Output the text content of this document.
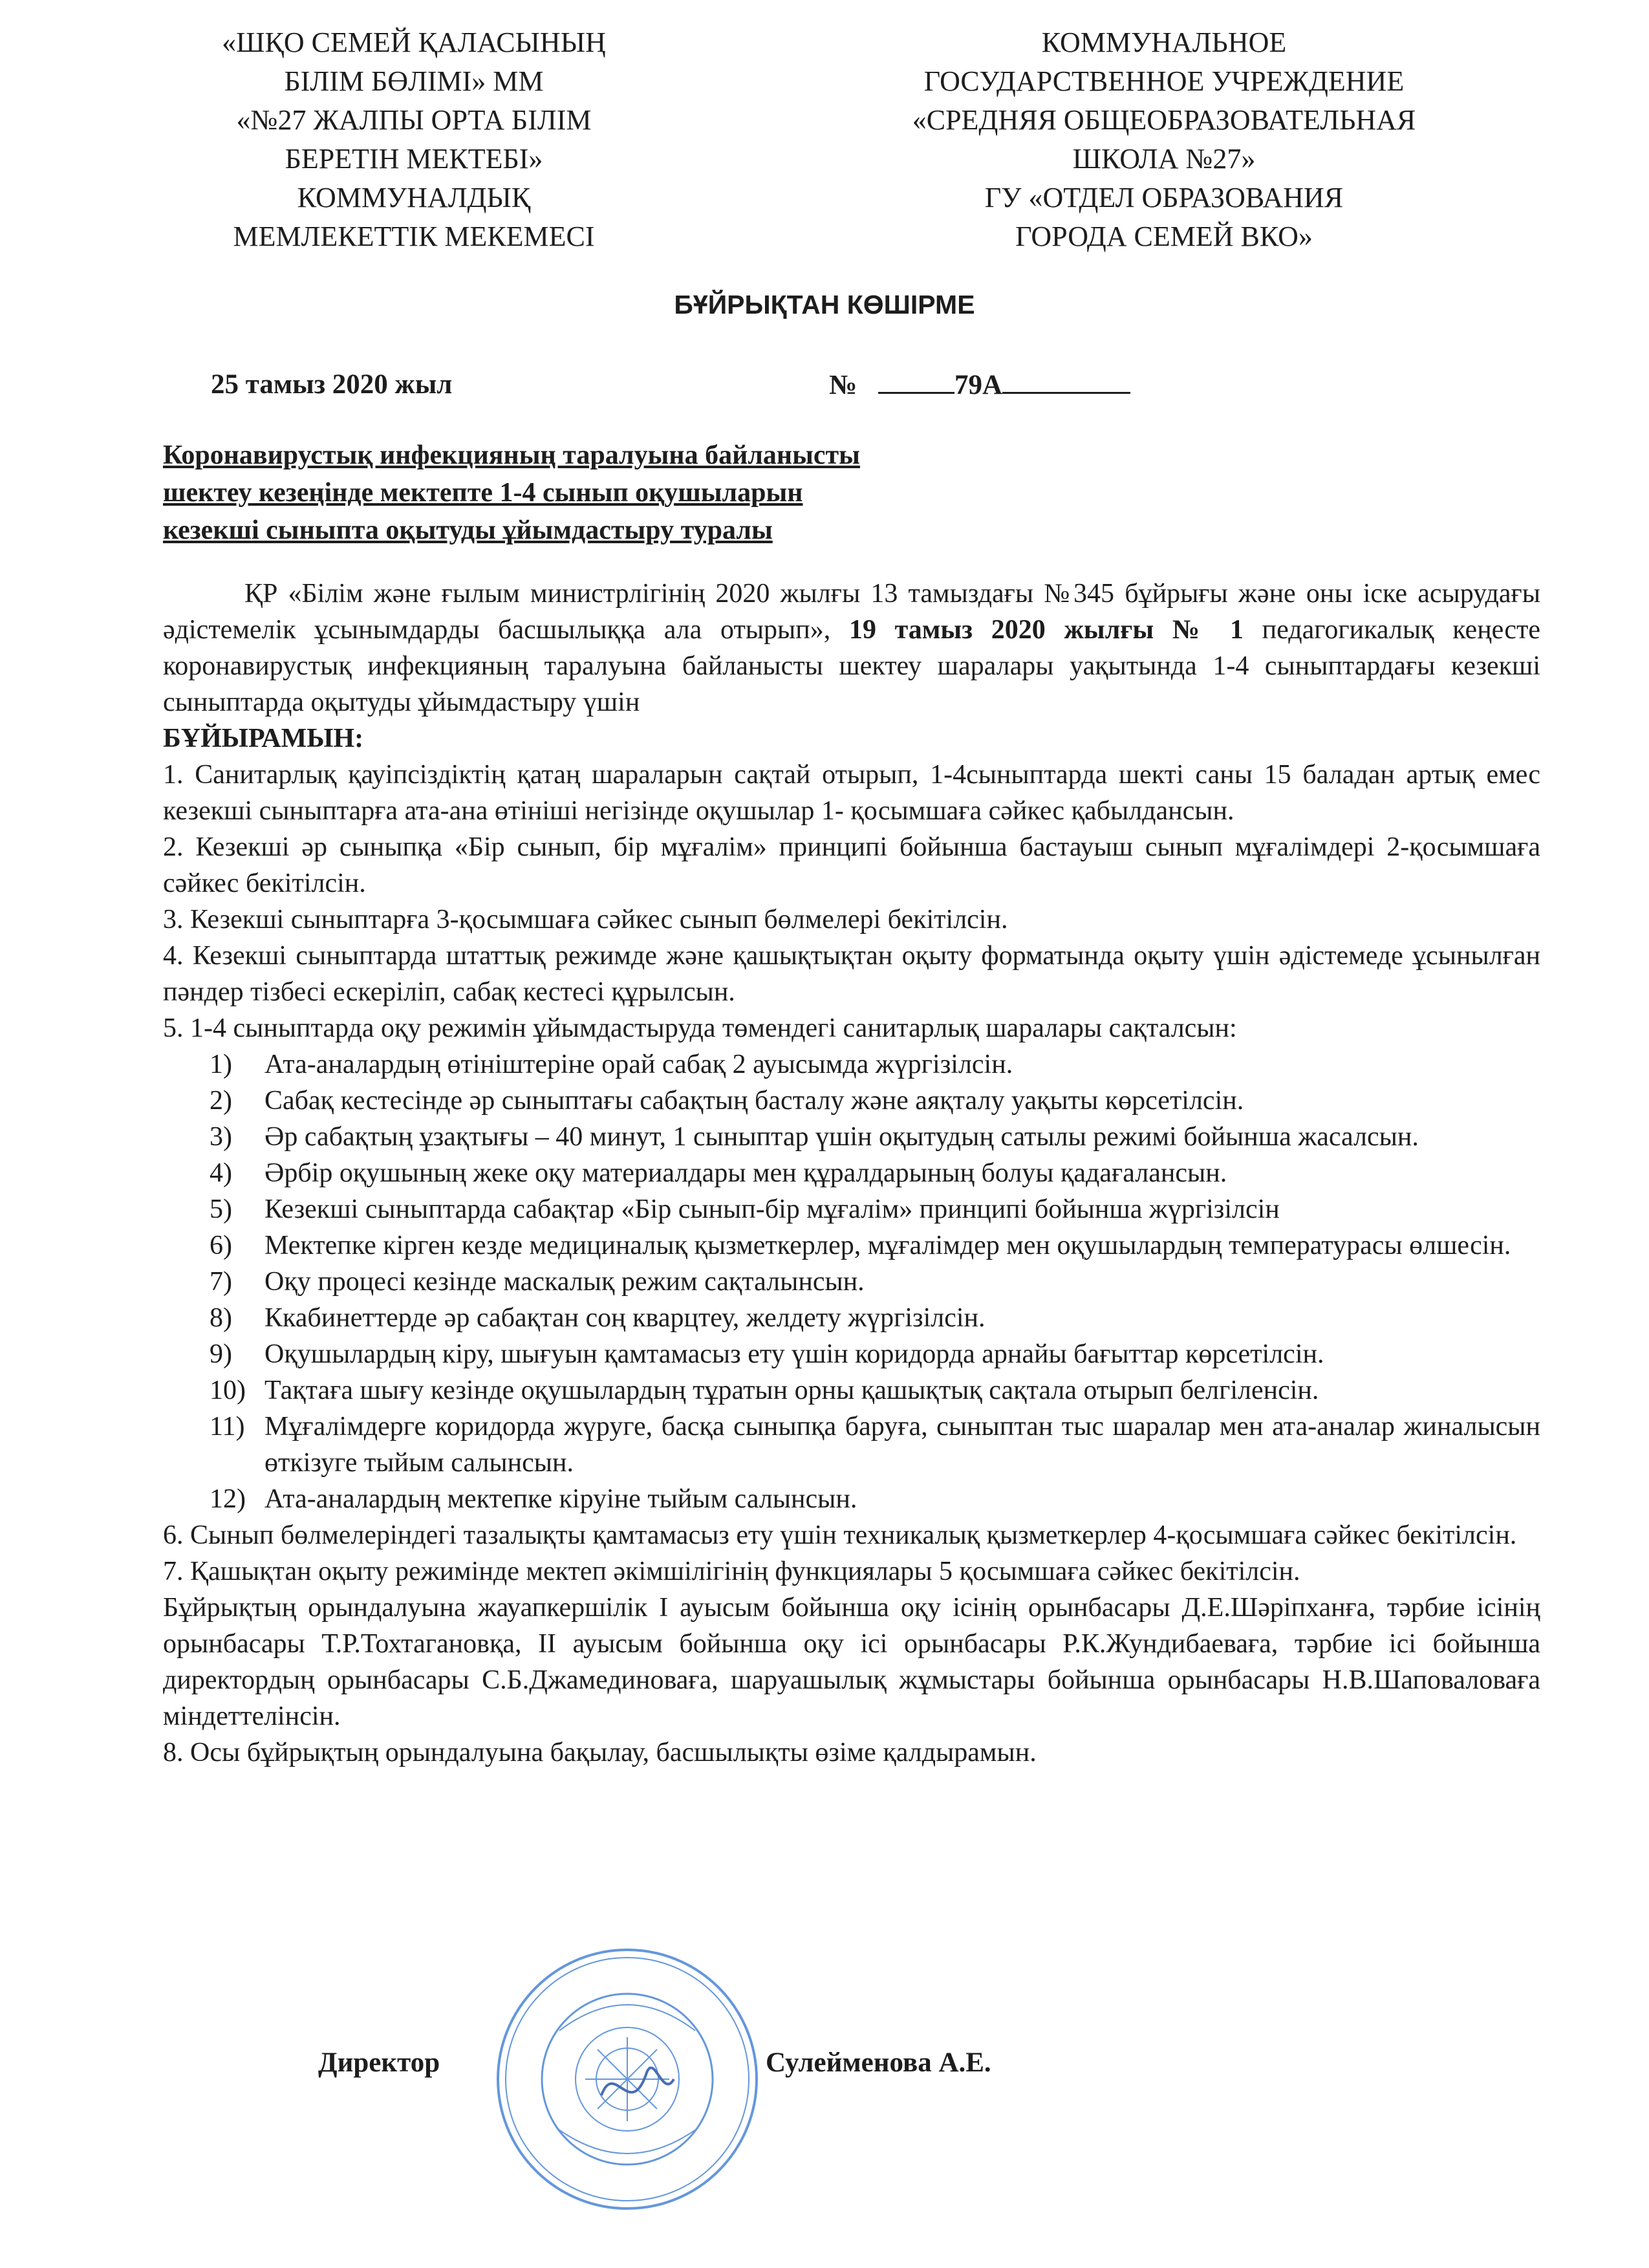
«ШҚО СЕМЕЙ ҚАЛАСЫНЫҢ
БІЛІМ БӨЛІМІ» ММ
«№27 ЖАЛПЫ ОРТА БІЛІМ
БЕРЕТІН МЕКТЕБІ»
КОММУНАЛДЫҚ
МЕМЛЕКЕТТІК МЕКЕМЕСІ
КОММУНАЛЬНОЕ
ГОСУДАРСТВЕННОЕ УЧРЕЖДЕНИЕ
«СРЕДНЯЯ ОБЩЕОБРАЗОВАТЕЛЬНАЯ
ШКОЛА №27»
ГУ «ОТДЕЛ ОБРАЗОВАНИЯ
ГОРОДА СЕМЕЙ ВКО»
БҰЙРЫҚТАН КӨШІРМЕ
25 тамыз 2020 жыл	№	79А
Коронавирустық инфекцияның таралуына байланысты
шектеу кезеңінде мектепте 1-4 сынып оқушыларын
кезекші сыныпта оқытуды ұйымдастыру туралы

ҚР «Білім және ғылым министрлігінің 2020 жылғы 13 тамыздағы №345 бұйрығы және оны іске асырудағы әдістемелік ұсынымдарды басшылыққа ала отырып», 19 тамыз 2020 жылғы № 1 педагогикалық кеңесте коронавирустық инфекцияның таралуына байланысты шектеу шаралары уақытында 1-4 сыныптардағы кезекші сыныптарда оқытуды ұйымдастыру үшін

БҰЙЫРАМЫН:

1. Санитарлық қауіпсіздіктің қатаң шараларын сақтай отырып, 1-4сыныптарда шекті саны 15 баладан артық емес кезекші сыныптарға ата-ана өтініші негізінде оқушылар 1- қосымшаға сәйкес қабылдансын.

2. Кезекші әр сыныпқа «Бір сынып, бір мұғалім» принципі бойынша бастауыш сынып мұғалімдері 2-қосымшаға сәйкес бекітілсін.

3. Кезекші сыныптарға 3-қосымшаға сәйкес сынып бөлмелері бекітілсін.

4. Кезекші сыныптарда штаттық режимде және қашықтықтан оқыту форматында оқыту үшін әдістемеде ұсынылған пәндер тізбесі ескеріліп, сабақ кестесі құрылсын.

5. 1-4 сыныптарда оқу режимін ұйымдастыруда төмендегі санитарлық шаралары сақталсын:

1) Ата-аналардың өтініштеріне орай сабақ 2 ауысымда жүргізілсін.
2) Сабақ кестесінде әр сыныптағы сабақтың басталу және аяқталу уақыты көрсетілсін.
3) Әр сабақтың ұзақтығы – 40 минут, 1 сыныптар үшін оқытудың сатылы режимі бойынша жасалсын.
4) Әрбір оқушының жеке оқу материалдары мен құралдарының болуы қадағалансын.
5) Кезекші сыныптарда сабақтар «Бір сынып-бір мұғалім» принципі бойынша жүргізілсін
6) Мектепке кірген кезде медициналық қызметкерлер, мұғалімдер мен оқушылардың температурасы өлшесін.
7) Оқу процесі кезінде маскалық режим сақталынсын.
8) Ккабинеттерде әр сабақтан соң кварцтеу, желдету жүргізілсін.
9) Оқушылардың кіру, шығуын қамтамасыз ету үшін коридорда арнайы бағыттар көрсетілсін.
10) Тақтаға шығу кезінде оқушылардың тұратын орны қашықтық сақтала отырып белгіленсін.
11) Мұғалімдерге коридорда жүруге, басқа сыныпқа баруға, сыныптан тыс шаралар мен ата-аналар жиналысын өткізуге тыйым салынсын.
12) Ата-аналардың мектепке кіруіне тыйым салынсын.

6. Сынып бөлмелеріндегі тазалықты қамтамасыз ету үшін техникалық қызметкерлер 4-қосымшаға сәйкес бекітілсін.

7. Қашықтан оқыту режимінде мектеп әкімшілігінің функциялары 5 қосымшаға сәйкес бекітілсін.

Бұйрықтың орындалуына жауапкершілік І ауысым бойынша оқу ісінің орынбасары Д.Е.Шәріпханға, тәрбие ісінің орынбасары Т.Р.Тохтагановқа, ІІ ауысым бойынша оқу ісі орынбасары Р.К.Жундибаеваға, тәрбие ісі бойынша директордың орынбасары С.Б.Джамединоваға, шаруашылық жұмыстары бойынша орынбасары Н.В.Шаповаловаға міндеттелінсін.

8. Осы бұйрықтың орындалуына бақылау, басшылықты өзіме қалдырамын.

Директор	Сулейменова А.Е.
